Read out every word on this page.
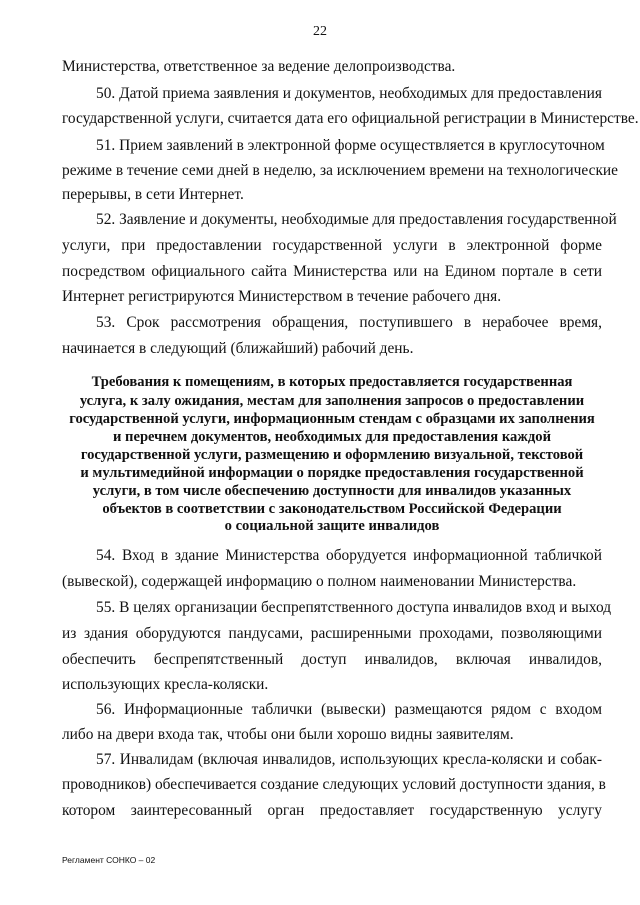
22
Министерства, ответственное за ведение делопроизводства.
50. Датой приема заявления и документов, необходимых для предоставления
государственной услуги, считается дата его официальной регистрации в Министерстве.
51. Прием заявлений в электронной форме осуществляется в круглосуточном
режиме в течение семи дней в неделю, за исключением времени на технологические
перерывы, в сети Интернет.
52. Заявление и документы, необходимые для предоставления государственной
услуги, при предоставлении государственной услуги в электронной форме
посредством официального сайта Министерства или на Едином портале в сети
Интернет регистрируются Министерством в течение рабочего дня.
53. Срок рассмотрения обращения, поступившего в нерабочее время,
начинается в следующий (ближайший) рабочий день.
Требования к помещениям, в которых предоставляется государственная
услуга, к залу ожидания, местам для заполнения запросов о предоставлении
государственной услуги, информационным стендам с образцами их заполнения
и перечнем документов, необходимых для предоставления каждой
государственной услуги, размещению и оформлению визуальной, текстовой
и мультимедийной информации о порядке предоставления государственной
услуги, в том числе обеспечению доступности для инвалидов указанных
объектов в соответствии с законодательством Российской Федерации
о социальной защите инвалидов
54. Вход в здание Министерства оборудуется информационной табличкой
(вывеской), содержащей информацию о полном наименовании Министерства.
55. В целях организации беспрепятственного доступа инвалидов вход и выход
из здания оборудуются пандусами, расширенными проходами, позволяющими
обеспечить беспрепятственный доступ инвалидов, включая инвалидов,
использующих кресла-коляски.
56. Информационные таблички (вывески) размещаются рядом с входом
либо на двери входа так, чтобы они были хорошо видны заявителям.
57. Инвалидам (включая инвалидов, использующих кресла-коляски и собак-
проводников) обеспечивается создание следующих условий доступности здания, в
котором заинтересованный орган предоставляет государственную услугу
Регламент СОНКО – 02
